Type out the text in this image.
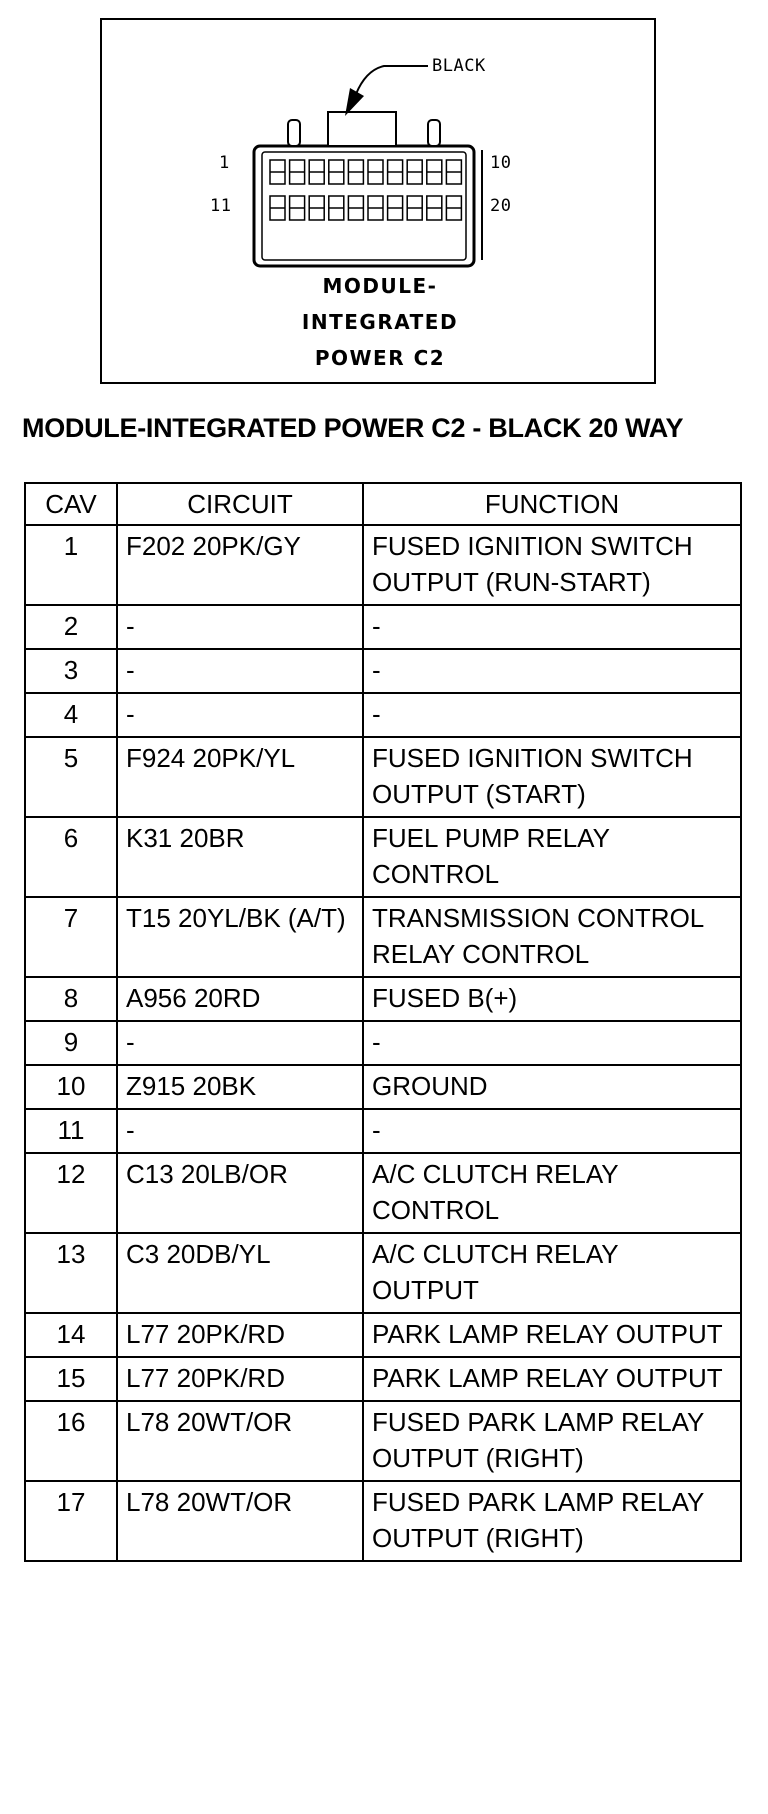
BLACK
1	10
11	20
MODULE-
INTEGRATED
POWER C2
MODULE-INTEGRATED POWER C2 - BLACK 20 WAY
CAV	CIRCUIT	FUNCTION
1	F202 20PK/GY	FUSED IGNITION SWITCH OUTPUT (RUN-START)
2	-	-
3	-	-
4	-	-
5	F924 20PK/YL	FUSED IGNITION SWITCH OUTPUT (START)
6	K31 20BR	FUEL PUMP RELAY CONTROL
7	T15 20YL/BK (A/T)	TRANSMISSION CONTROL RELAY CONTROL
8	A956 20RD	FUSED B(+)
9	-	-
10	Z915 20BK	GROUND
11	-	-
12	C13 20LB/OR	A/C CLUTCH RELAY CONTROL
13	C3 20DB/YL	A/C CLUTCH RELAY OUTPUT
14	L77 20PK/RD	PARK LAMP RELAY OUTPUT
15	L77 20PK/RD	PARK LAMP RELAY OUTPUT
16	L78 20WT/OR	FUSED PARK LAMP RELAY OUTPUT (RIGHT)
17	L78 20WT/OR	FUSED PARK LAMP RELAY OUTPUT (RIGHT)
